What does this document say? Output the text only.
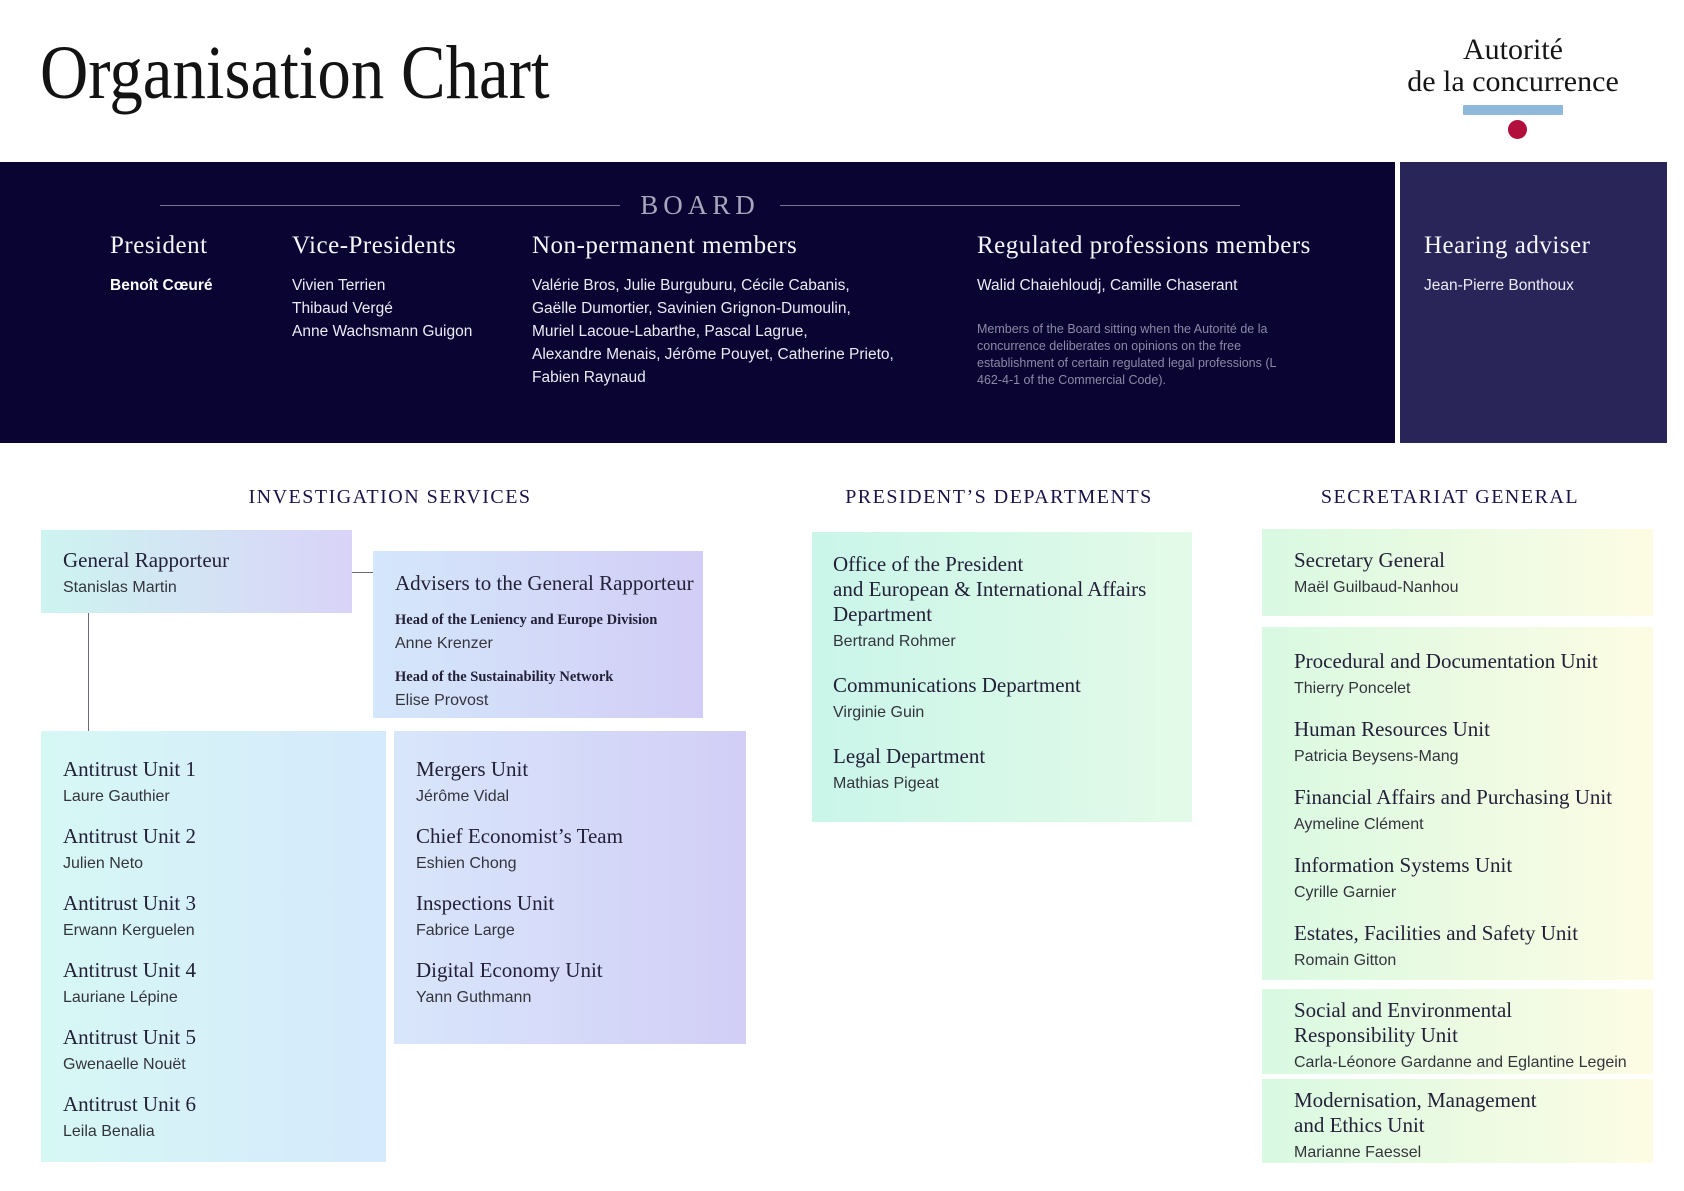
Organisation Chart	Autorité
de la concurrence
BOARD
President
Benoît Cœuré
Vice-Presidents
Vivien Terrien
Thibaud Vergé
Anne Wachsmann Guigon
Non-permanent members
Valérie Bros, Julie Burguburu, Cécile Cabanis,
Gaëlle Dumortier, Savinien Grignon-Dumoulin,
Muriel Lacoue-Labarthe, Pascal Lagrue,
Alexandre Menais, Jérôme Pouyet, Catherine Prieto,
Fabien Raynaud
Regulated professions members
Walid Chaiehloudj, Camille Chaserant
Members of the Board sitting when the Autorité de la concurrence deliberates on opinions on the free establishment of certain regulated legal professions (L 462-4-1 of the Commercial Code).
Hearing adviser
Jean-Pierre Bonthoux
INVESTIGATION SERVICES	PRESIDENT’S DEPARTMENTS	SECRETARIAT GENERAL
General Rapporteur
Stanislas Martin	Advisers to the General Rapporteur
Head of the Leniency and Europe Division
Anne Krenzer
Head of the Sustainability Network
Elise Provost
Antitrust Unit 1
Laure Gauthier
Antitrust Unit 2
Julien Neto
Antitrust Unit 3
Erwann Kerguelen
Antitrust Unit 4
Lauriane Lépine
Antitrust Unit 5
Gwenaelle Nouët
Antitrust Unit 6
Leila Benalia
Mergers Unit
Jérôme Vidal
Chief Economist’s Team
Eshien Chong
Inspections Unit
Fabrice Large
Digital Economy Unit
Yann Guthmann
Office of the President
and European & International Affairs
Department
Bertrand Rohmer
Communications Department
Virginie Guin
Legal Department
Mathias Pigeat
Secretary General
Maël Guilbaud-Nanhou
Procedural and Documentation Unit
Thierry Poncelet
Human Resources Unit
Patricia Beysens-Mang
Financial Affairs and Purchasing Unit
Aymeline Clément
Information Systems Unit
Cyrille Garnier
Estates, Facilities and Safety Unit
Romain Gitton
Social and Environmental
Responsibility Unit
Carla-Léonore Gardanne and Eglantine Legein
Modernisation, Management
and Ethics Unit
Marianne Faessel
